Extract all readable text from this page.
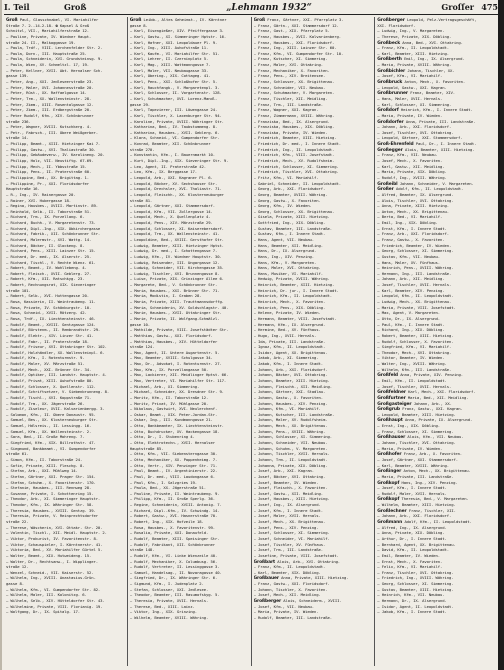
I. Teil	Groß	„Lehmann 1932“	Groſſer 475
Groß Paul, Glasschnabel, VI. Mariahilfer
Straße 7. 2.-14-2-18. ☎ Kapsel & Groß
Schnitzl, VII., Mariahilferstraße 12.
— Pauline, Private, IV. Wiedner Haupt-
straße 24. II., Malkoggasse 19.
— Paula, Trdf., VIII. Lerchenfelder Str. 2.
— Paula, Dorn., III. Hauptstraße 25.
— Paula, Schneiderin, XVI. Grundsteinsg. 9.
— Paula, Wien, XV. Schmeltzl. 17, 19.
— Peter, Kellner, XVII. Abt. Hernalser Sch.
gasse 139.
— Peter, Ang., XXI. Jedleseerstraße 23.
— Peter, Maler, XVI. Johannesstraße 20.
— Peter, Rüst., XX. Raffaelgasse 14.
— Peter, Trm., XX. Wallensteinstr. 28.
— Peter, Zimm., XIII. Rosentalgasse 12.
— Peter, Zimm., III. Erdbergstraße 20.
— Peter Rudolf, Kfm., XIV. Schönbrunner
straße 236.
— Peter, Wagner, XVIII. Kutschkerg. 4.
— Petr., Fabrsch., III. Obere Weißgerber-
straße 14.
— Philipp, Beamt., XIII. Hietzinger Kai 7.
— Philipp, Gastw., XVI. Thaliastraße 30.
— Philipp, Gebäudeverw., IV. Karolineng. 20.
— Philipp, Holz, VII. Neustiftg. 67-69.
— Philipp, Mech., II. Ybbsstraße 15.
— Philipp, Pens., II. Praterstraße 60.
— Philippine, Bed., XX. Brigittag. 1.
— Philippine, Pr., XXI. Floridsdorfer
Hauptstraße 16.
— R., Ing., IV. Rainergasse 20.
— Rainer, XVI. Hubergasse 18.
— Regina, Hausbes., XVIII. Martinstr. 89.
— Reinhold, Selb., II. Taborstraße 51.
— Richard, Trm., IX. Porzellang. 6.
— Richard, Buchh., V. Margaretenstr. 73.
— Richard, Dipl.-Ing., XIX. Obkirchergasse
— Richard, Fabrik., XII. Schönbrunner Str.
— Richard, Malermstr., XVI. Wattg. 14.
— Richard, Bäcker, II. Glockeng. 8.
— Richard, Pens., XIII. Lainzer Str. 15.
— Richard, Dr. med., IX. Alserstr. 25.
— Richard, Tischl., V. Rechte Wienz. 61.
— Robert, Beamt., IV. Wohllebeng. 4.
— Robert, Fleisch., XVII. Geblerg. 27.
— Robert, Kfm., XII. Ratschkyg. 23.
— Robert, Rechnungsrat, XIX. Sieveringer
straße 101.
— Robert, Selb., XVI. Huttengasse 20.
— Rosa, Kassierin, II. Weintraubeng. 11.
— Rosa, Private, IV. Schönburgstr. 10.
— Rosa, Schneid., XVII. Rötzerg. 42.
— Rosa, Trdf., IX. Liechtensteinstr. 46.
— Rudolf, Beamt., XVIII. Gentzgasse 124.
— Rudolf, Bürstenm., II. Rembrandtstr. 29.
— Rudolf, Elektr., XIV. Linzer Str. 41.
— Rudolf, Fabr., II. Praterstraße 18.
— Rudolf, Friseur, XVI. Ottakringer Str. 102.
— Rudolf, Holzhändler, XX. Wallensteinpl. 6.
— Rudolf, Kfm., I. Rotenturmstr. 9.
— Rudolf, Maler, XV. Märzstraße 51.
— Rudolf, Mech., XXI. Brünner Str. 34.
— Rudolf, Optiker, III. Landstr. Hauptstr. 4.
— Rudolf, Privat, XIII. Auhofstraße 80.
— Rudolf, Schlosser, X. Quellenstr. 112.
— Rudolf, Schriftsetzer, V. Siebenbrunneng. 8.
— Rudolf, Tischl., XVI. Koppstraße 71.
— Rudolf, Trm., XX. Jägerstraße 26.
— Rudolf, Ziseleur, XVII. Kalvarienbergg. 3.
— Salomon, Kfm., II. Obere Donaustr. 95.
— Samuel, Bes., XX. Klosterneuburger Str.
— Samuel, Hdlsreis., II. Lessingg. 16.
— Samuel, Kfm., XX. Wallensteinstr. 2.
— Sara, Bed., II. Große Mohreng. 7.
— Siegfried, Kfm., XIX. Billrothstr. 47.
— Siegmund, Bankbeamt., VI. Gumpendorfer
straße 61.
— Simon, Kfm., II. Taborstraße 24.
— Sofie, Private, XIII. Fleschg. 8.
— Stefan, Arb., XXI. Mühlweg 14.
— Stefan, Gärtner, XXI. Prager Str. 154.
— Stefan, Schuhm., X. Favoritenstr. 170.
— Stefanie, Hausbes., III. Rennweg 28.
— Susanne, Private, I. Schottenring 15.
— Theodor, Arb., XI. Simmeringer Hauptstr.
— Theodor, Kfm., IX. Währinger Str. 58.
— Theresia, Hausbes., XVIII. Gentzg. 39.
— Theresia, Private, V. Reinprechtsdorfer
straße 22.
— Therese, Wäscherin, XVI. Ottakr. Str. 20.
— Valentin, Tischl., XII. Meidl. Hauptstr. 2.
— Viktor, Prokurist, IV. Favoritenstr. 8.
— Viktor, Schauspieler, I. Kärntnerstr. 41.
— Viktoria, Bed., XV. Mariahilfer Gürtel 5.
— Walter, Beamt., XIX. Hutweideng. 15.
— Walter, Dr., Rechtsanw., I. Wipplinger-
straße 12.
— Wenzel, Schneid., VII. Kaiserstr. 52.
— Wilhelm, Ing., XVIII. Anastasius-Grün-
gasse 8.
— Wilhelm, Kfm., VI. Gumpendorfer Str. 82.
— Wilhelm, Maler, III. Kolonitzg. 6.
— Wilhelm, Selb., XIV. Hütteldorfer Str. 43.
— Wilhelmine, Private, VIII. Florianig. 19.
— Wolfgang, Dr., IX. Spitalg. 17.
Groß Leibb., Altes Geheimst., IV. Kärntner
gasse 8.
— Karl, Eisengießer, XIV. Pfeiffergasse 3.
— Karl, Gastw., XI. Simmeringer Hptstr. 16.
— Karl, Hafner, XXI. Leopoldauer Pl. 9.
— Karl, Ing., XIII. Auhofstraße 11.
— Karl, Kaufm., VI. Mariahilfer Str. 51.
— Karl, Lehrer, II. Czerninplatz 5.
— Karl, Mag., XIII. Wattmanngasse 7.
— Karl, Maler, VII. Neubaugasse 33.
— Karl, Obering., XIX. Cottageg. 41.
— Karl, Pens., XXI. Schloßhofer Str. 5.
— Karl, Rauchfangk., V. Margaretenpl. 3.
— Karl, Schlosser, II. Vorgartenstr. 128.
— Karl, Schuhmacher, XVI. Lorenz-Mandl-
gasse 29.
— Karl, Tapezierer, III. Löwengasse 24.
— Karl, Tischler, X. Laxenburger Str. 94.
— Karoline, Private, XVIII. Währinger Str.
— Katharina, Bed., IV. Taubstummeng. 8.
— Katharina, Hausbes., XVII. Geblerg. 6.
— Klara, Schneid., VI. Gumpendorfer Str.
— Konrad, Beamter, XII. Schönbrunner
straße 270.
— Konstantin, Kfm., I. Bauernmarkt 10.
— Kurt, Dipl.-Ing., XIX. Sieveringer Str. 9.
— Leo, Agent, II. Praterstraße 42.
— Leo, Kfm., IX. Berggasse 17.
— Leopold, Arb., XXI. Kagraner Pl. 6.
— Leopold, Bäcker, XV. Sechshauser Str.
— Leopold, Drechsler, XVI. Thaliastr. 71.
— Leopold, Fleischh., XX. Klosterneuburger
straße 81.
— Leopold, Gärtner, XXI. Stammersdorf.
— Leopold, Kfm., VII. Zollergasse 14.
— Leopold, Mech., X. Quellenplatz 4.
— Leopold, Pens., XIV. Märzstraße 29.
— Leopold, Schlosser, XI. Kaiserebersdorf.
— Leopold, Trm., XX. Wallensteinstr. 41.
— Leopoldine, Bed., XVIII. Gersthofer Str.
— Ludwig, Beamter, XIII. Hietzinger Hptst.
— Ludwig, Dr. med., I. Schottengasse 7.
— Ludwig, Kfm., IV. Wiedner Hauptstr. 30.
— Ludwig, Reisender, III. Ungargasse 12.
— Ludwig, Schneider, VII. Kirchengasse 35.
— Ludwig, Tischler, XVI. Brunnengasse 8.
— Luise, Private, XIX. Grinzinger Allee 6.
— Margarete, Bed., V. Schönbrunner Str.
— Maria, Hausbes., XXI. Brünner Str. 71.
— Maria, Modistin, I. Graben 28.
— Maria, Private, XIII. Trauttmannsdorffg.
— Maria, Schneiderin, XV. Goldschlagstr. 40.
— Marie, Hausbes., XVII. Ottakringer Str.
— Marie, Private, II. Wolfgang-Schmälzl-
gasse 10.
— Mathilde, Private, VIII. Josefstädter Str.
— Matthias, Gastw., XXI. Floridsdorf.
— Matthias, Hausbes., XIV. Hütteldorfer
straße 124.
— Max, Agent, II. Untere Augartenstr. 5.
— Max, Beamter, XVIII. Schulgasse 34.
— Max, Dr., Advokat, I. Rotenturmstr. 27.
— Max, Kfm., IX. Porzellangasse 50.
— Max, Lackierer, XII. Meidlinger Hptst. 66.
— Max, Vertreter, VI. Mariahilfer Str. 117.
— Michael, Arb., XI. Simmering.
— Michael, Schneider, XX. Dresdner Str. 9.
— Moritz, Kfm., II. Taborstraße 12.
— Moritz, Privat, IV. Mühlgasse 20.
— Nikolaus, Gastwirt, XVI. Neulerchenf.
— Oskar, Beamt., XIX. Peter-Jordan-Str.
— Oskar, Ing., III. Kundmanngasse 21.
— Otto, Bankbeamter, IX. Liechtensteinstr.
— Otto, Buchdrucker, XV. Hackengasse 18.
— Otto, Dr., I. Stubenring 4.
— Otto, Elektrotechn., XVII. Hernalser
Hauptstraße 85.
— Otto, Kfm., VII. Siebensterngasse 30.
— Otto, Mechaniker, XX. Pappenheimg. 7.
— Otto, Vertr., XIV. Penzinger Str. 71.
— Paul, Beamt., IV. Argentinierstr. 22.
— Paul, Dr. med., VIII. Laudongasse 6.
— Paul, Kfm., I. Salzgries 19.
— Paula, Bed., XX. Jägerstraße 51.
— Pauline, Private, II. Weintraubeng. 9.
— Philipp, Kfm., II. Große Sperlg. 36.
— Regine, Schneiderin, XVIII. Antonig. 7.
— Richard, Dipl.-Kfm., IV. Schwindg. 14.
— Robert, Gastw., XVI. Hasnerstraße 70.
— Robert, Ing., XIX. Hofzeile 18.
— Rosa, Hausbes., X. Favoritenstr. 99.
— Rosalia, Private, XXI. Donaufeld.
— Rudolf, Beamter, XIII. Speisinger Str.
— Rudolf, Fabrikant, XII. Schönbrunner
straße 148.
— Rudolf, Kfm., VI. Linke Wienzeile 40.
— Rudolf, Mechaniker, X. Columbusg. 56.
— Rudolf, Vertreter, II. Lessinggasse 3.
— Samuel, Handelsag., II. Novaragasse 40.
— Siegfried, Dr., IX. Währinger Str. 6.
— Sigmund, Kfm., I. Judenplatz 2.
— Stefan, Schlosser, XXI. Jedlesee.
— Theodor, Beamter, III. Rasumofskyg. 5.
— Theresia, Private, XVII. Hernals.
— Therese, Bed., XIII. Lainz.
— Viktor, Ing., XIX. Grinzing.
— Wilhelm, Beamter, XVIII. Währing.
Groß Franz, Gärtner, XXI. Pfarrplatz 3.
— Franz, Gärtn., XXI. Stammersdorf 12.
— Franz, Gast., XIX. Pfarrplatz 5.
— Franz, Hausbes., XVII. Kalvarienberg.
— Franz, Hausbes., XXI. Floridsdorf.
— Franz, Ing., XIII. Lainzer Str. 60.
— Franz, Kfm., VI. Gumpendorfer Str. 10.
— Franz, Kutscher, XI. Simmering.
— Franz, Maler, XVI. Ottakring.
— Franz, Mechaniker, X. Favoriten.
— Franz, Pens., XIV. Breitensee.
— Franz, Schlosser, XX. Brigittenau.
— Franz, Schneider, VII. Neubau.
— Franz, Schuhmacher, V. Margareten.
— Franz, Tischler, XII. Meidling.
— Franz, Trm., III. Landstraße.
— Franz, Wagner, XXI. Kagran.
— Franz, Zimmermann, XVIII. Währing.
— Franziska, Bed., IX. Alsergrund.
— Franziska, Hausbes., XIX. Döbling.
— Franziska, Private, IV. Wieden.
— Friedrich, Beamter, XIII. Hietzing.
— Friedrich, Dr. med., I. Innere Stadt.
— Friedrich, Ing., II. Leopoldstadt.
— Friedrich, Kfm., VIII. Josefstadt.
— Friedrich, Mech., XV. Rudolfsheim.
— Friedrich, Schlosser, XI. Simmering.
— Friedrich, Tischler, XVI. Ottakring.
— Fritz, Kfm., VI. Mariahilf.
— Gabriel, Schneider, II. Leopoldstadt.
— Georg, Arb., XXI. Floridsdorf.
— Georg, Beamter, XVIII. Währing.
— Georg, Gastw., X. Favoriten.
— Georg, Kfm., IV. Wieden.
— Georg, Schlosser, XX. Brigittenau.
— Gisela, Private, XIII. Hietzing.
— Gottfried, Ing., XIX. Döbling.
— Gustav, Beamter, III. Landstraße.
— Gustav, Kfm., I. Innere Stadt.
— Hans, Agent, VII. Neubau.
— Hans, Beamter, XII. Meidling.
— Hans, Dr., IX. Alsergrund.
— Hans, Ing., XIV. Penzing.
— Hans, Kfm., V. Margareten.
— Hans, Maler, XVI. Ottakring.
— Hans, Musiker, VI. Mariahilf.
— Hedwig, Private, XVIII. Währing.
— Heinrich, Beamter, XIII. Hietzing.
— Heinrich, Dr. jur., I. Innere Stadt.
— Heinrich, Kfm., II. Leopoldstadt.
— Heinrich, Mech., X. Favoriten.
— Heinrich, Pens., XIX. Döbling.
— Helene, Private, IV. Wieden.
— Hermann, Beamter, VIII. Josefstadt.
— Hermann, Kfm., IX. Alsergrund.
— Hermine, Bed., XV. Fünfhaus.
— Hugo, Ing., XVII. Hernals.
— Ida, Private, III. Landstraße.
— Ignaz, Kfm., II. Leopoldstadt.
— Isidor, Agent, XX. Brigittenau.
— Jakob, Arb., XI. Simmering.
— Jakob, Kfm., I. Innere Stadt.
— Johann, Arb., XXI. Floridsdorf.
— Johann, Bäcker, XVI. Ottakring.
— Johann, Beamter, XIII. Hietzing.
— Johann, Fleischh., XII. Meidling.
— Johann, Gärtner, XXI. Stadlau.
— Johann, Gastw., X. Favoriten.
— Johann, Hausbes., XIV. Penzing.
— Johann, Kfm., VI. Mariahilf.
— Johann, Kutscher, III. Landstraße.
— Johann, Maler, XV. Rudolfsheim.
— Johann, Mech., XX. Brigittenau.
— Johann, Pens., XVIII. Währing.
— Johann, Schlosser, XI. Simmering.
— Johann, Schneider, VII. Neubau.
— Johann, Schuhm., V. Margareten.
— Johann, Tischler, XVII. Hernals.
— Johann, Trm., II. Leopoldstadt.
— Johanna, Private, XIX. Döbling.
— Josef, Arb., XXI. Kagran.
— Josef, Bäcker, XVI. Ottakring.
— Josef, Beamter, IV. Wieden.
— Josef, Fleischh., X. Favoriten.
— Josef, Gastw., XII. Meidling.
— Josef, Hausbes., XIII. Hietzing.
— Josef, Ing., IX. Alsergrund.
— Josef, Kfm., I. Innere Stadt.
— Josef, Maler, XVII. Hernals.
— Josef, Mech., XX. Brigittenau.
— Josef, Pens., XIV. Penzing.
— Josef, Schlosser, XI. Simmering.
— Josef, Schneider, VI. Mariahilf.
— Josef, Tischler, XV. Fünfhaus.
— Josef, Trm., III. Landstraße.
— Josefine, Private, VIII. Josefstadt.
Großbart Alois, Arb., XVI. Ottakring.
— Franz, Kfm., II. Leopoldstadt.
— Karl, Beamter, XIX. Döbling.
Großbauer Anna, Private, XIII. Hietzing.
— Franz, Gastw., XXI. Floridsdorf.
— Johann, Tischler, X. Favoriten.
— Josef, Mech., XII. Meidling.
Großberger Alois, Schneiderm., XVIII.
— Josef, Kfm., VII. Neubau.
— Maria, Private, IV. Wieden.
— Rudolf, Beamter, III. Landstraße.
Großberger Leopold, Pelz-Vertragsgeschäft,
XXI. Floridsdorf.
— Ludwig, Ing., V. Margareten.
— Therese, Private, XIX. Döbling.
Großbeck Anna, Bed., XVI. Ottakring.
— Franz, Kfm., II. Leopoldstadt.
— Karl, Beamter, XIII. Hietzing.
Großberth Emil, Ing., IX. Alsergrund.
— Maria, Private, XVIII. Währing.
Großbichler Johann, Tischler, XX.
— Josef, Kfm., VI. Mariahilf.
Großbruck Anton, Mech., X. Favoriten.
— Leopold, Gastw., XXI. Kagran.
Großbrunner Franz, Beamter, XIV.
— Hans, Maler, XVII. Hernals.
— Karl, Schlosser, XI. Simmering.
Großdorf Heinrich, Kfm., I. Innere Stadt.
— Maria, Private, IV. Wieden.
Großdorfer Anna, Private, III. Landstraße.
— Johann, Arb., XXI. Floridsdorf.
— Josef, Tischler, XVI. Ottakring.
— Leopold, Gärtner, XXI. Stammersdorf.
Groß-Ehrenfeld Paul, Dr., I. Innere Stadt.
Großegger Alois, Beamter, XIII. Hietzing.
— Franz, Kfm., VII. Neubau.
— Josef, Mech., X. Favoriten.
— Karl, Gastw., XII. Meidling.
— Maria, Private, XIX. Döbling.
— Rudolf, Ing., XVIII. Währing.
Großeibl Johann, Schneider, V. Margareten.
Großer Adolf, Kfm., II. Leopoldstadt.
— Alfred, Beamter, IX. Alsergrund.
— Alois, Tischler, XVI. Ottakring.
— Anna, Private, XIII. Hietzing.
— Anton, Mech., XX. Brigittenau.
— Berta, Bed., VI. Mariahilf.
— Emil, Ing., XIX. Döbling.
— Ernst, Kfm., I. Innere Stadt.
— Franz, Arb., XXI. Floridsdorf.
— Franz, Gastw., X. Favoriten.
— Friedrich, Beamter, IV. Wieden.
— Georg, Schlosser, XI. Simmering.
— Gustav, Kfm., VII. Neubau.
— Hans, Maler, XV. Fünfhaus.
— Heinrich, Pens., XVIII. Währing.
— Hermann, Ing., III. Landstraße.
— Johann, Arb., XII. Meidling.
— Josef, Tischler, XVII. Hernals.
— Karl, Beamter, XIV. Penzing.
— Leopold, Kfm., II. Leopoldstadt.
— Ludwig, Mech., XX. Brigittenau.
— Maria, Private, VIII. Josefstadt.
— Max, Agent, V. Margareten.
— Otto, Dr., IX. Alsergrund.
— Paul, Kfm., I. Innere Stadt.
— Richard, Ing., XIX. Döbling.
— Robert, Beamter, XIII. Hietzing.
— Rudolf, Schlosser, X. Favoriten.
— Siegfried, Kfm., VI. Mariahilf.
— Theodor, Mech., XVI. Ottakring.
— Viktor, Beamter, IV. Wieden.
— Walter, Ing., XVIII. Währing.
— Wilhelm, Kfm., III. Landstraße.
Großfeld Anna, Private, XIV. Penzing.
— Emil, Kfm., II. Leopoldstadt.
— Josef, Tischler, XVII. Hernals.
Großfeldner Karl, Mech., XXI. Floridsdorf.
Großfurtner Maria, Bed., XII. Meidling.
Großgasteiger Johann, Arb., XX.
Großgrub Franz, Gastw., XXI. Kagran.
— Leopold, Beamter, XIII. Hietzing.
Großhaupt Anna, Private, IX. Alsergrund.
— Ernst, Ing., XIX. Döbling.
— Franz, Schlosser, XI. Simmering.
Großhauser Alois, Kfm., VII. Neubau.
— Johann, Tischler, XVI. Ottakring.
— Maria, Private, IV. Wieden.
Großhofer Franz, Arb., X. Favoriten.
— Josef, Gärtner, XXI. Stammersdorf.
— Karl, Beamter, XVIII. Währing.
Großinger Anton, Mech., XX. Brigittenau.
— Maria, Private, III. Landstraße.
Großkopf Hans, Ing., XIV. Penzing.
— Josef, Kfm., I. Innere Stadt.
— Rudolf, Maler, XVII. Hernals.
Großkopf Theresia, Bed., V. Margareten.
— Wilhelm, Beamter, XIII. Hietzing.
Großlechner Franz, Tischler, XII.
— Johann, Arb., XXI. Floridsdorf.
Großmann Adolf, Kfm., II. Leopoldstadt.
— Alfred, Ing., IX. Alsergrund.
— Anna, Private, XIX. Döbling.
— Arthur, Dr., I. Innere Stadt.
— Bernhard, Agent, XX. Brigittenau.
— David, Kfm., II. Leopoldstadt.
— Emil, Beamter, IV. Wieden.
— Ernst, Mech., X. Favoriten.
— Felix, Kfm., VI. Mariahilf.
— Franz, Tischler, XVI. Ottakring.
— Friedrich, Ing., XVIII. Währing.
— Georg, Schlosser, XI. Simmering.
— Gustav, Beamter, XIII. Hietzing.
— Heinrich, Kfm., VII. Neubau.
— Hermann, Dr., IX. Alsergrund.
— Isidor, Agent, II. Leopoldstadt.
— Jakob, Kfm., I. Innere Stadt.
